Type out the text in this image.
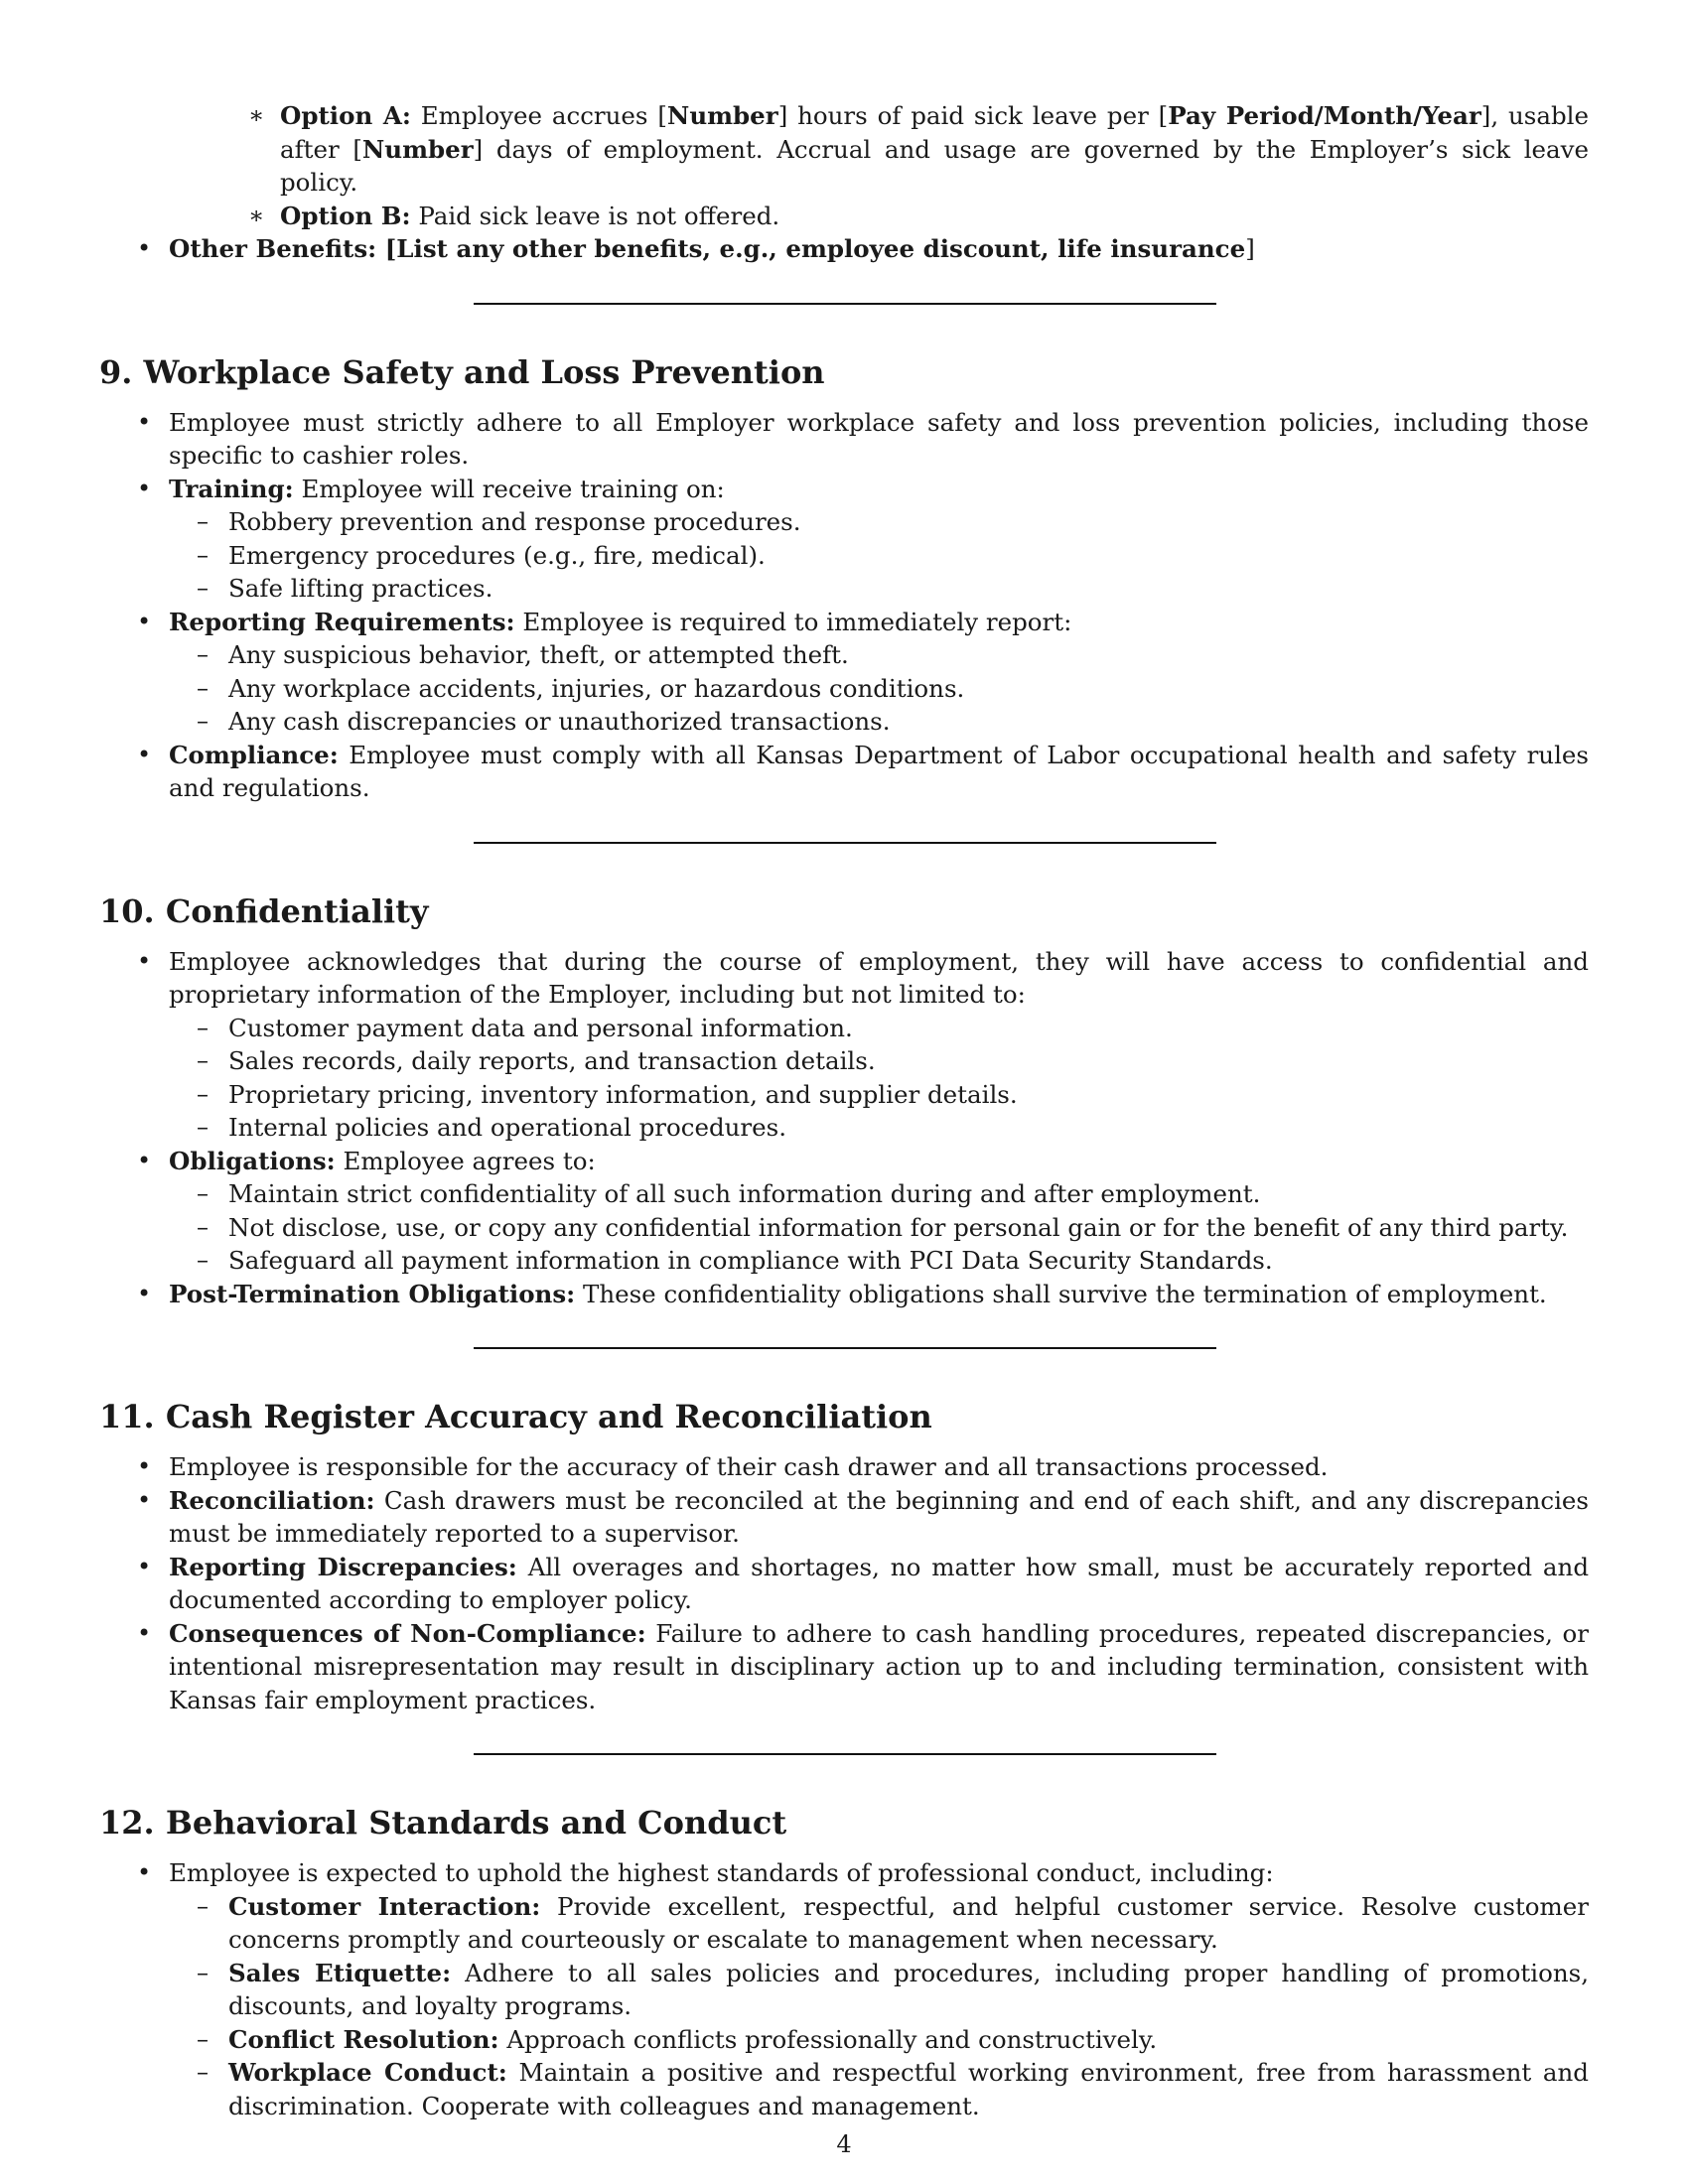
∗ Option A: Employee accrues [Number] hours of paid sick leave per [Pay Period/Month/Year], usable after [Number] days of employment. Accrual and usage are governed by the Employer’s sick leave policy.
∗ Option B: Paid sick leave is not offered.
• Other Benefits: [List any other benefits, e.g., employee discount, life insurance]
9. Workplace Safety and Loss Prevention
• Employee must strictly adhere to all Employer workplace safety and loss prevention policies, including those specific to cashier roles.
• Training: Employee will receive training on:
– Robbery prevention and response procedures.
– Emergency procedures (e.g., fire, medical).
– Safe lifting practices.
• Reporting Requirements: Employee is required to immediately report:
– Any suspicious behavior, theft, or attempted theft.
– Any workplace accidents, injuries, or hazardous conditions.
– Any cash discrepancies or unauthorized transactions.
• Compliance: Employee must comply with all Kansas Department of Labor occupational health and safety rules and regulations.
10. Confidentiality
• Employee acknowledges that during the course of employment, they will have access to confidential and proprietary information of the Employer, including but not limited to:
– Customer payment data and personal information.
– Sales records, daily reports, and transaction details.
– Proprietary pricing, inventory information, and supplier details.
– Internal policies and operational procedures.
• Obligations: Employee agrees to:
– Maintain strict confidentiality of all such information during and after employment.
– Not disclose, use, or copy any confidential information for personal gain or for the benefit of any third party.
– Safeguard all payment information in compliance with PCI Data Security Standards.
• Post-Termination Obligations: These confidentiality obligations shall survive the termination of employment.
11. Cash Register Accuracy and Reconciliation
• Employee is responsible for the accuracy of their cash drawer and all transactions processed.
• Reconciliation: Cash drawers must be reconciled at the beginning and end of each shift, and any discrepancies must be immediately reported to a supervisor.
• Reporting Discrepancies: All overages and shortages, no matter how small, must be accurately reported and documented according to employer policy.
• Consequences of Non-Compliance: Failure to adhere to cash handling procedures, repeated discrepancies, or intentional misrepresentation may result in disciplinary action up to and including termination, consistent with Kansas fair employment practices.
12. Behavioral Standards and Conduct
• Employee is expected to uphold the highest standards of professional conduct, including:
– Customer Interaction: Provide excellent, respectful, and helpful customer service. Resolve customer concerns promptly and courteously or escalate to management when necessary.
– Sales Etiquette: Adhere to all sales policies and procedures, including proper handling of promotions, discounts, and loyalty programs.
– Conflict Resolution: Approach conflicts professionally and constructively.
– Workplace Conduct: Maintain a positive and respectful working environment, free from harassment and discrimination. Cooperate with colleagues and management.
4
